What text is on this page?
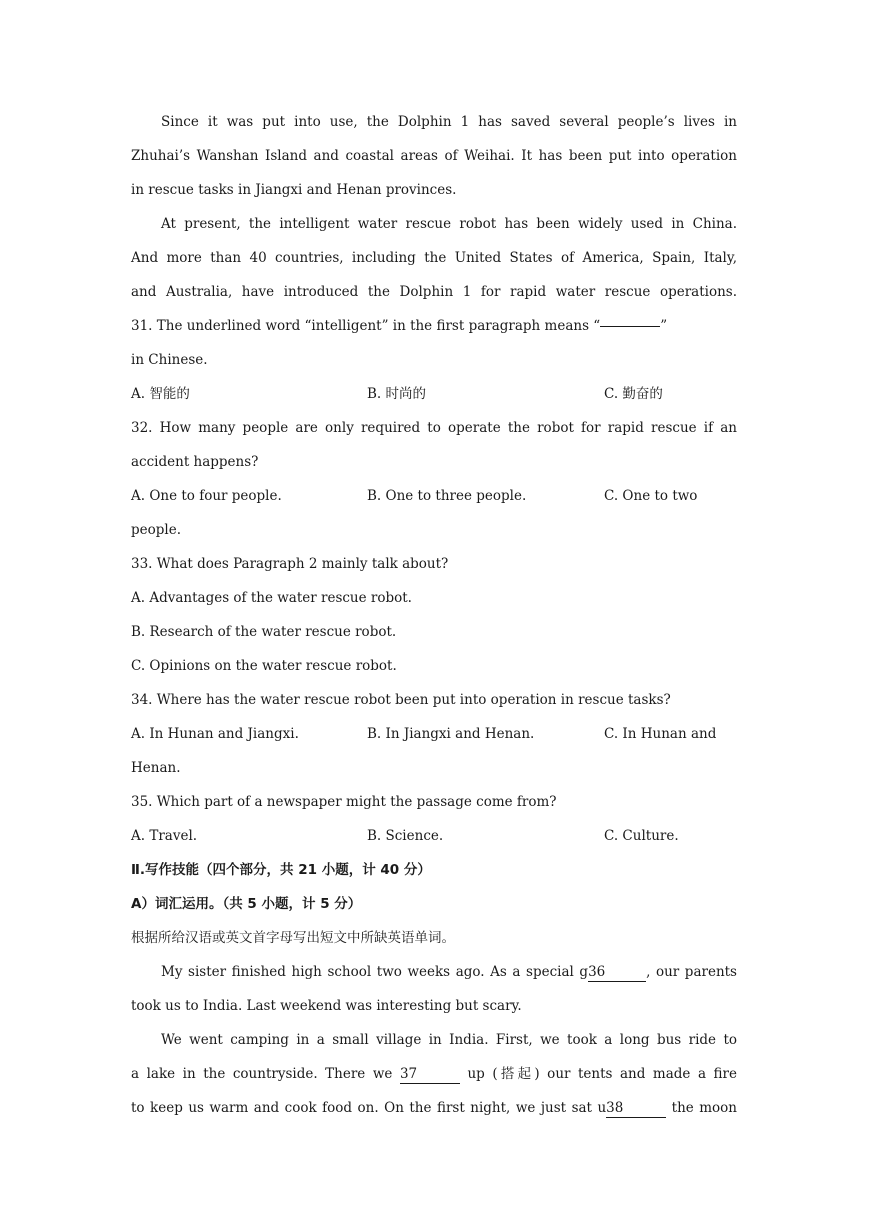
Since it was put into use, the Dolphin 1 has saved several people’s lives in
Zhuhai’s Wanshan Island and coastal areas of Weihai. It has been put into operation
in rescue tasks in Jiangxi and Henan provinces.
At present, the intelligent water rescue robot has been widely used in China.
And more than 40 countries, including the United States of America, Spain, Italy,
and Australia, have introduced the Dolphin 1 for rapid water rescue operations.
31. The underlined word “intelligent” in the first paragraph means “	”
in Chinese.
A. 智能的	B. 时尚的	C. 勤奋的
32. How many people are only required to operate the robot for rapid rescue if an
accident happens?
A. One to four people.	B. One to three people.	C. One to two
people.
33. What does Paragraph 2 mainly talk about?
A. Advantages of the water rescue robot.
B. Research of the water rescue robot.
C. Opinions on the water rescue robot.
34. Where has the water rescue robot been put into operation in rescue tasks?
A. In Hunan and Jiangxi.	B. In Jiangxi and Henan.	C. In Hunan and
Henan.
35. Which part of a newspaper might the passage come from?
A. Travel.	B. Science.	C. Culture.
Ⅱ.写作技能（四个部分，共 21 小题，计 40 分）
A）词汇运用。（共 5 小题，计 5 分）
根据所给汉语或英文首字母写出短文中所缺英语单词。
My sister finished high school two weeks ago. As a special g36	, our parents
took us to India. Last weekend was interesting but scary.
We went camping in a small village in India. First, we took a long bus ride to
a lake in the countryside. There we 37	up (搭起) our tents and made a fire
to keep us warm and cook food on. On the first night, we just sat u38	the moon
